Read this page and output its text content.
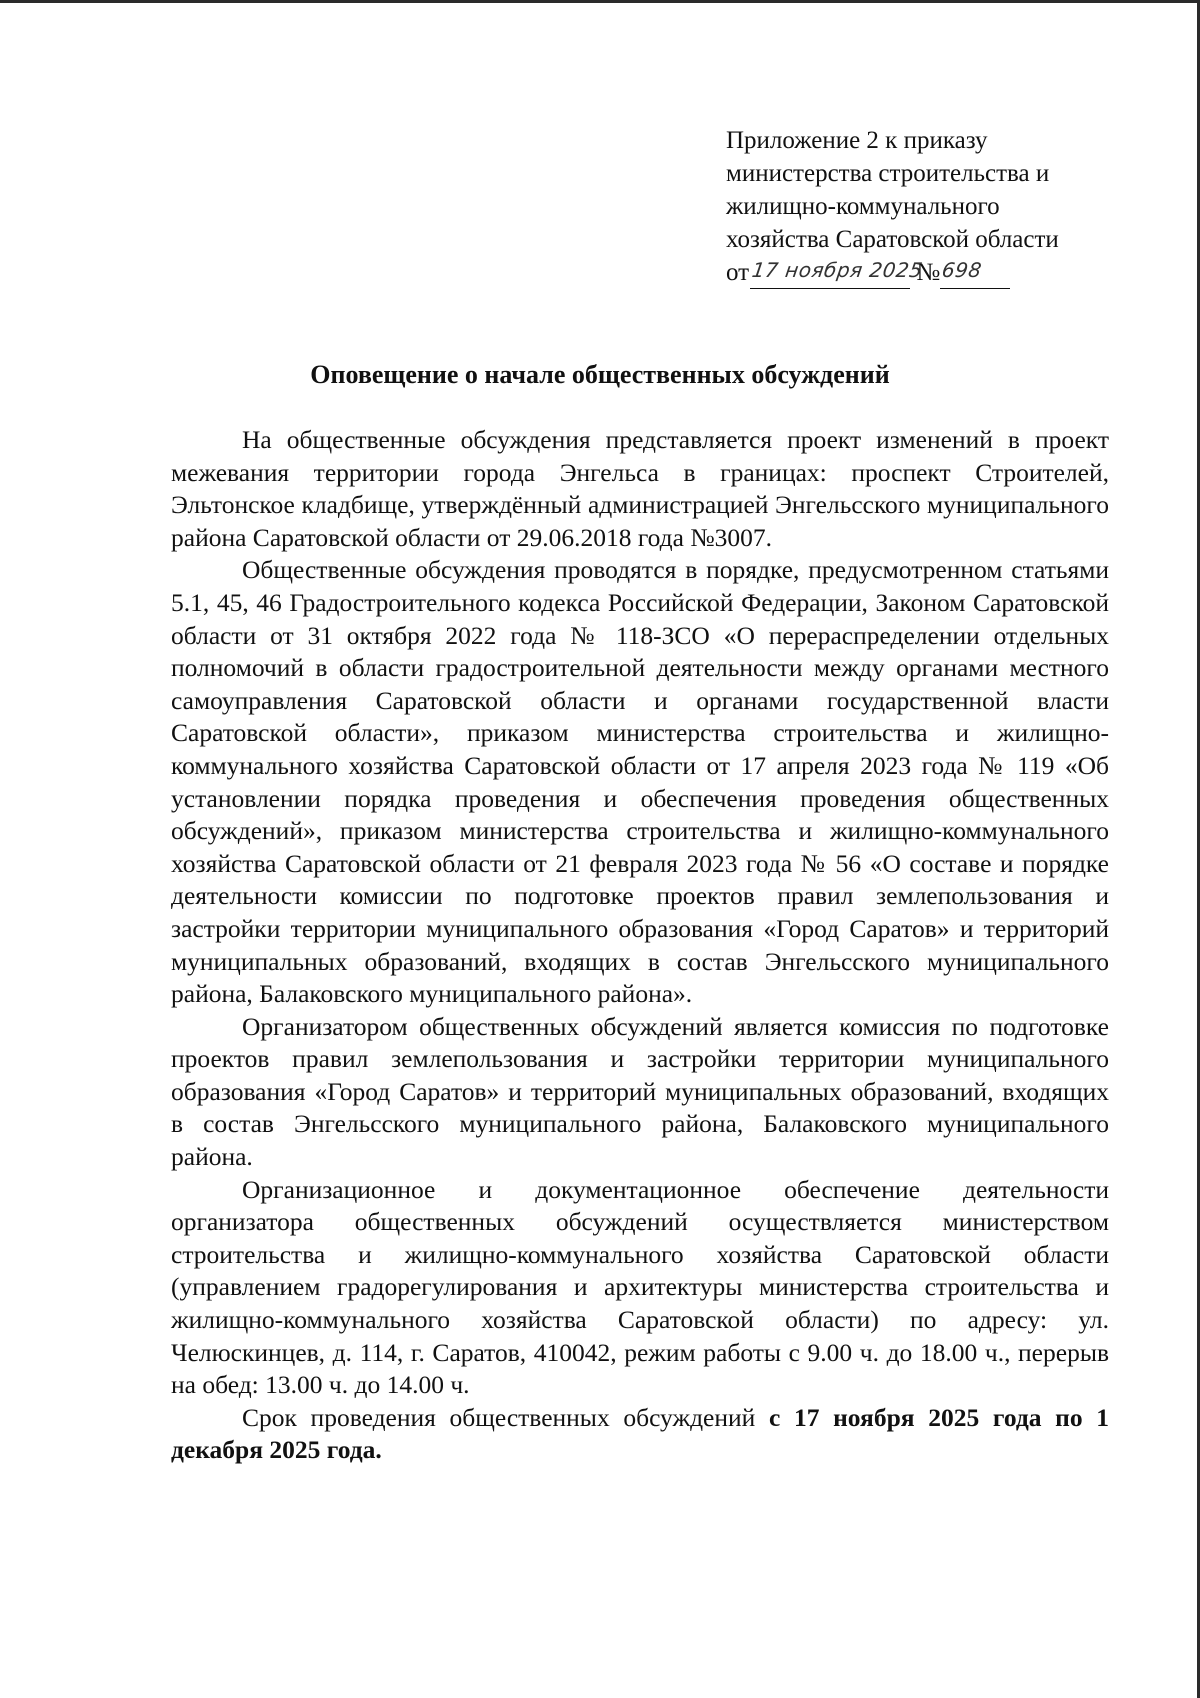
Приложение 2 к приказу
министерства строительства и
жилищно-коммунального
хозяйства Саратовской области
от 17 ноября 2025
№ 698
Оповещение о начале общественных обсуждений

На общественные обсуждения представляется проект изменений в проект межевания территории города Энгельса в границах: проспект Строителей, Эльтонское кладбище, утверждённый администрацией Энгельсского муниципального района Саратовской области от 29.06.2018 года №3007.

Общественные обсуждения проводятся в порядке, предусмотренном статьями 5.1, 45, 46 Градостроительного кодекса Российской Федерации, Законом Саратовской области от 31 октября 2022 года № 118-ЗСО «О перераспределении отдельных полномочий в области градостроительной деятельности между органами местного самоуправления Саратовской области и органами государственной власти Саратовской области», приказом министерства строительства и жилищно-коммунального хозяйства Саратовской области от 17 апреля 2023 года № 119 «Об установлении порядка проведения и обеспечения проведения общественных обсуждений», приказом министерства строительства и жилищно-коммунального хозяйства Саратовской области от 21 февраля 2023 года № 56 «О составе и порядке деятельности комиссии по подготовке проектов правил землепользования и застройки территории муниципального образования «Город Саратов» и территорий муниципальных образований, входящих в состав Энгельсского муниципального района, Балаковского муниципального района».

Организатором общественных обсуждений является комиссия по подготовке проектов правил землепользования и застройки территории муниципального образования «Город Саратов» и территорий муниципальных образований, входящих в состав Энгельсского муниципального района, Балаковского муниципального района.

Организационное и документационное обеспечение деятельности организатора общественных обсуждений осуществляется министерством строительства и жилищно-коммунального хозяйства Саратовской области (управлением градорегулирования и архитектуры министерства строительства и жилищно-коммунального хозяйства Саратовской области) по адресу: ул. Челюскинцев, д. 114, г. Саратов, 410042, режим работы с 9.00 ч. до 18.00 ч., перерыв на обед: 13.00 ч. до 14.00 ч.

Срок проведения общественных обсуждений с 17 ноября 2025 года по 1 декабря 2025 года.
